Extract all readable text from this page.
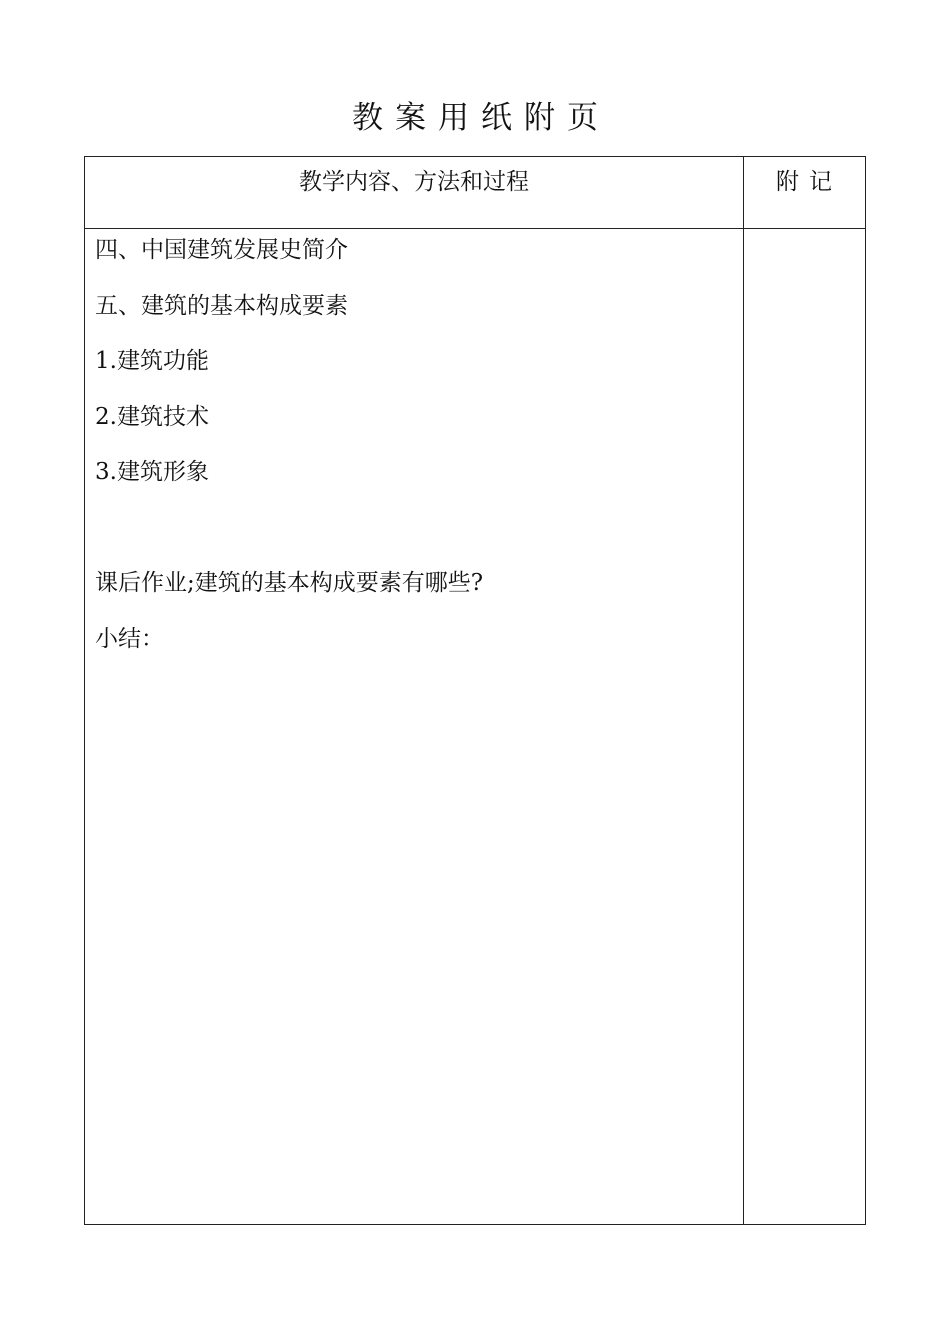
教 案 用 纸 附 页
教学内容、方法和过程	附记
四、中国建筑发展史简介
五、建筑的基本构成要素
1.建筑功能
2.建筑技术
3.建筑形象
课后作业;建筑的基本构成要素有哪些?
小结：
